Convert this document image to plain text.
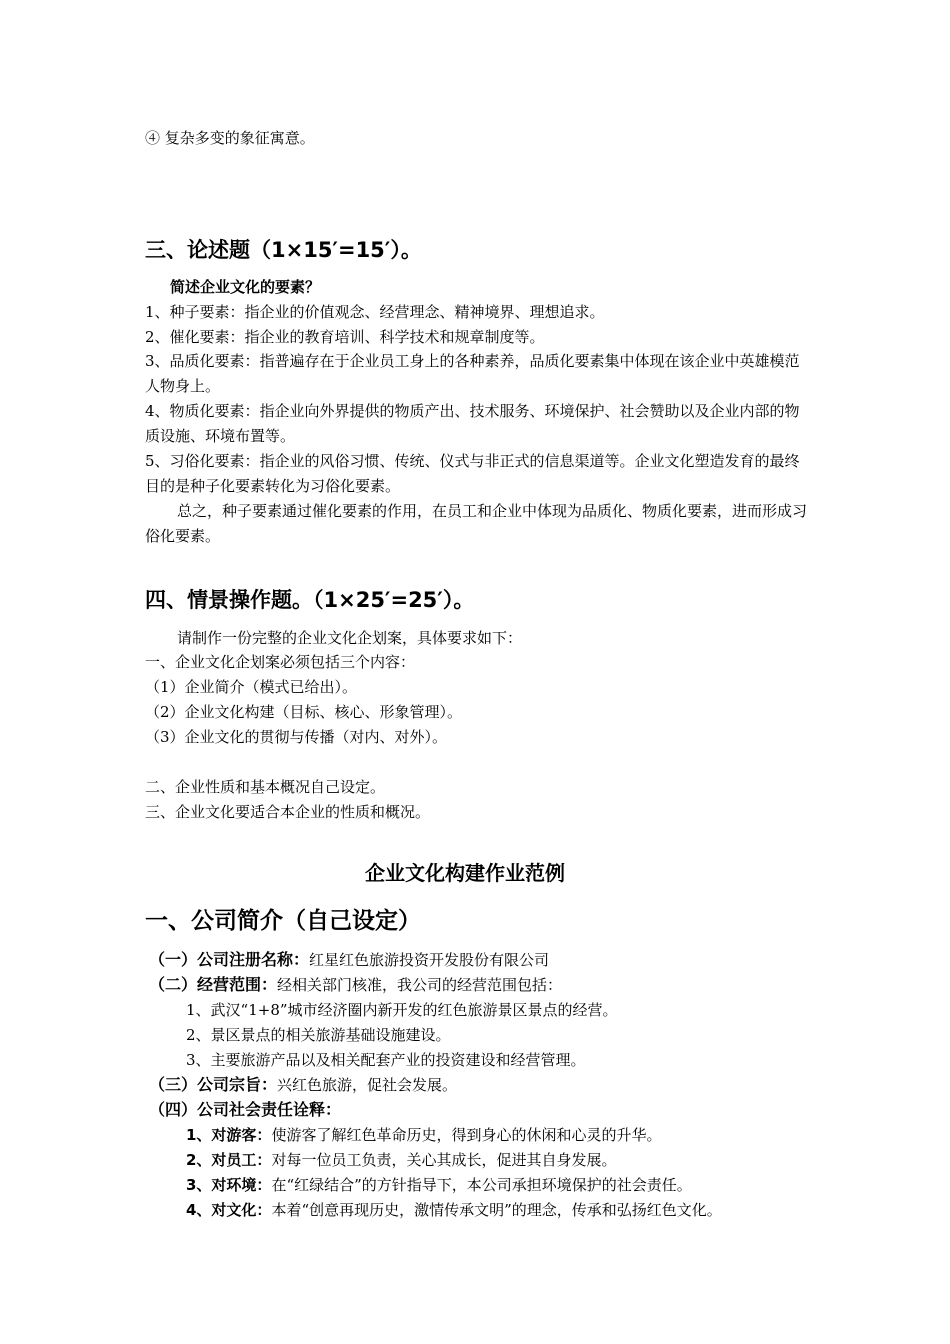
④ 复杂多变的象征寓意。
三、论述题（1×15′=15′）。
简述企业文化的要素？
1、种子要素：指企业的价值观念、经营理念、精神境界、理想追求。
2、催化要素：指企业的教育培训、科学技术和规章制度等。
3、品质化要素：指普遍存在于企业员工身上的各种素养，品质化要素集中体现在该企业中英雄模范人物身上。
4、物质化要素：指企业向外界提供的物质产出、技术服务、环境保护、社会赞助以及企业内部的物质设施、环境布置等。
5、习俗化要素：指企业的风俗习惯、传统、仪式与非正式的信息渠道等。企业文化塑造发育的最终目的是种子化要素转化为习俗化要素。
总之，种子要素通过催化要素的作用，在员工和企业中体现为品质化、物质化要素，进而形成习俗化要素。
四、情景操作题。（1×25′=25′）。
请制作一份完整的企业文化企划案，具体要求如下：
一、企业文化企划案必须包括三个内容：
（1）企业简介（模式已给出）。
（2）企业文化构建（目标、核心、形象管理）。
（3）企业文化的贯彻与传播（对内、对外）。
二、企业性质和基本概况自己设定。
三、企业文化要适合本企业的性质和概况。
企业文化构建作业范例
一、公司简介（自己设定）
（一）公司注册名称：红星红色旅游投资开发股份有限公司
（二）经营范围：经相关部门核准，我公司的经营范围包括：
1、武汉“1+8”城市经济圈内新开发的红色旅游景区景点的经营。
2、景区景点的相关旅游基础设施建设。
3、主要旅游产品以及相关配套产业的投资建设和经营管理。
（三）公司宗旨：兴红色旅游，促社会发展。
（四）公司社会责任诠释：
1、对游客：使游客了解红色革命历史，得到身心的休闲和心灵的升华。
2、对员工：对每一位员工负责，关心其成长，促进其自身发展。
3、对环境：在“红绿结合”的方针指导下，本公司承担环境保护的社会责任。
4、对文化：本着“创意再现历史，激情传承文明”的理念，传承和弘扬红色文化。
